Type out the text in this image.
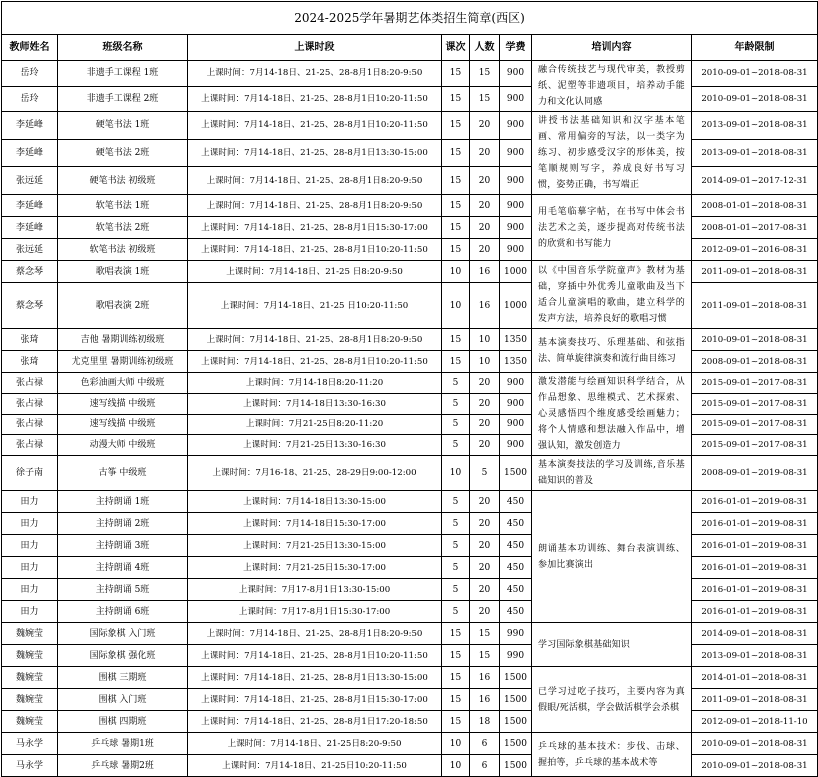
2024-2025学年暑期艺体类招生简章(西区)							
教师姓名	班级名称	上课时段	课次	人数	学费	培训内容	年龄限制
岳玲	非遗手工课程 1班	上课时间：7月14-18日、21-25、28-8月1日8:20-9:50	15	15	900	融合传统技艺与现代审美，教授剪纸、泥塑等非遗项目，培养动手能力和文化认同感	2010-09-01~2018-08-31
岳玲	非遗手工课程 2班	上课时间：7月14-18日、21-25、28-8月1日10:20-11:50	15	15	900		2010-09-01~2018-08-31
李延峰	硬笔书法 1班	上课时间：7月14-18日、21-25、28-8月1日10:20-11:50	15	20	900	讲授书法基础知识和汉字基本笔画、常用偏旁的写法，以一类字为练习、初步感受汉字的形体美，按笔顺规则写字，养成良好书写习惯，姿势正确，书写端正	2013-09-01~2018-08-31
李延峰	硬笔书法 2班	上课时间：7月14-18日、21-25、28-8月1日13:30-15:00	15	20	900		2013-09-01~2018-08-31
张远延	硬笔书法 初级班	上课时间：7月14-18日、21-25、28-8月1日8:20-9:50	15	20	900		2014-09-01~2017-12-31
李延峰	软笔书法 1班	上课时间：7月14-18日、21-25、28-8月1日8:20-9:50	15	20	900	用毛笔临摹字帖，在书写中体会书法艺术之美，逐步提高对传统书法的欣赏和书写能力	2008-01-01~2018-08-31
李延峰	软笔书法 2班	上课时间：7月14-18日、21-25、28-8月1日15:30-17:00	15	20	900		2008-01-01~2017-08-31
张远延	软笔书法 初级班	上课时间：7月14-18日、21-25、28-8月1日10:20-11:50	15	20	900		2012-09-01~2016-08-31
蔡念琴	歌唱表演 1班	上课时间：7月14-18日、21-25 日8:20-9:50	10	16	1000	以《中国音乐学院童声》教材为基础，穿插中外优秀儿童歌曲及当下适合儿童演唱的歌曲，建立科学的发声方法，培养良好的歌唱习惯	2011-09-01~2018-08-31
蔡念琴	歌唱表演 2班	上课时间：7月14-18日、21-25 日10:20-11:50	10	16	1000		2011-09-01~2018-08-31
张琦	吉他 暑期训练初级班	上课时间：7月14-18日、21-25、28-8月1日8:20-9:50	15	10	1350	基本演奏技巧、乐理基础、和弦指法、简单旋律演奏和流行曲目练习	2010-09-01~2018-08-31
张琦	尤克里里 暑期训练初级班	上课时间：7月14-18日、21-25、28-8月1日10:20-11:50	15	10	1350		2008-09-01~2018-08-31
张占禄	色彩油画大师 中级班	上课时间：7月14-18日8:20-11:20	5	20	900	激发潜能与绘画知识科学结合，从作品想象、思维模式、艺术探索、心灵感悟四个维度感受绘画魅力；将个人情感和想法融入作品中，增强认知，激发创造力	2015-09-01~2017-08-31
张占禄	速写线描 中级班	上课时间：7月14-18日13:30-16:30	5	20	900		2015-09-01~2017-08-31
张占禄	速写线描 中级班	上课时间：7月21-25日8:20-11:20	5	20	900		2015-09-01~2017-08-31
张占禄	动漫大师 中级班	上课时间：7月21-25日13:30-16:30	5	20	900		2015-09-01~2017-08-31
徐子南	古筝 中级班	上课时间：7月16-18、21-25、28-29日9:00-12:00	10	5	1500	基本演奏技法的学习及训练,音乐基础知识的普及	2008-09-01~2019-08-31
田力	主持朗诵 1班	上课时间：7月14-18日13:30-15:00	5	20	450	朗诵基本功训练、舞台表演训练、参加比赛演出	2016-01-01~2019-08-31
田力	主持朗诵 2班	上课时间：7月14-18日15:30-17:00	5	20	450		2016-01-01~2019-08-31
田力	主持朗诵 3班	上课时间：7月21-25日13:30-15:00	5	20	450		2016-01-01~2019-08-31
田力	主持朗诵 4班	上课时间：7月21-25日15:30-17:00	5	20	450		2016-01-01~2019-08-31
田力	主持朗诵 5班	上课时间：7月17-8月1日13:30-15:00	5	20	450		2016-01-01~2019-08-31
田力	主持朗诵 6班	上课时间：7月17-8月1日15:30-17:00	5	20	450		2016-01-01~2019-08-31
魏婉莹	国际象棋 入门班	上课时间：7月14-18日、21-25、28-8月1日8:20-9:50	15	15	990	学习国际象棋基础知识	2014-09-01~2018-08-31
魏婉莹	国际象棋 强化班	上课时间：7月14-18日、21-25、28-8月1日10:20-11:50	15	15	990		2013-09-01~2018-08-31
魏婉莹	围棋 三期班	上课时间：7月14-18日、21-25、28-8月1日13:30-15:00	15	16	1500	已学习过吃子技巧，主要内容为真假眼/死活棋，学会做活棋学会杀棋	2014-01-01~2018-08-31
魏婉莹	围棋 入门班	上课时间：7月14-18日、21-25、28-8月1日15:30-17:00	15	16	1500		2011-09-01~2018-08-31
魏婉莹	围棋 四期班	上课时间：7月14-18日、21-25、28-8月1日17:20-18:50	15	18	1500		2012-09-01~2018-11-10
马永学	乒乓球 暑期1班	上课时间：7月14-18日、21-25日8:20-9:50	10	6	1500	乒乓球的基本技术：步伐、击球、握拍等，乒乓球的基本战术等	2010-09-01~2018-08-31
马永学	乒乓球 暑期2班	上课时间：7月14-18日、21-25日10:20-11:50	10	6	1500		2010-09-01~2018-08-31
